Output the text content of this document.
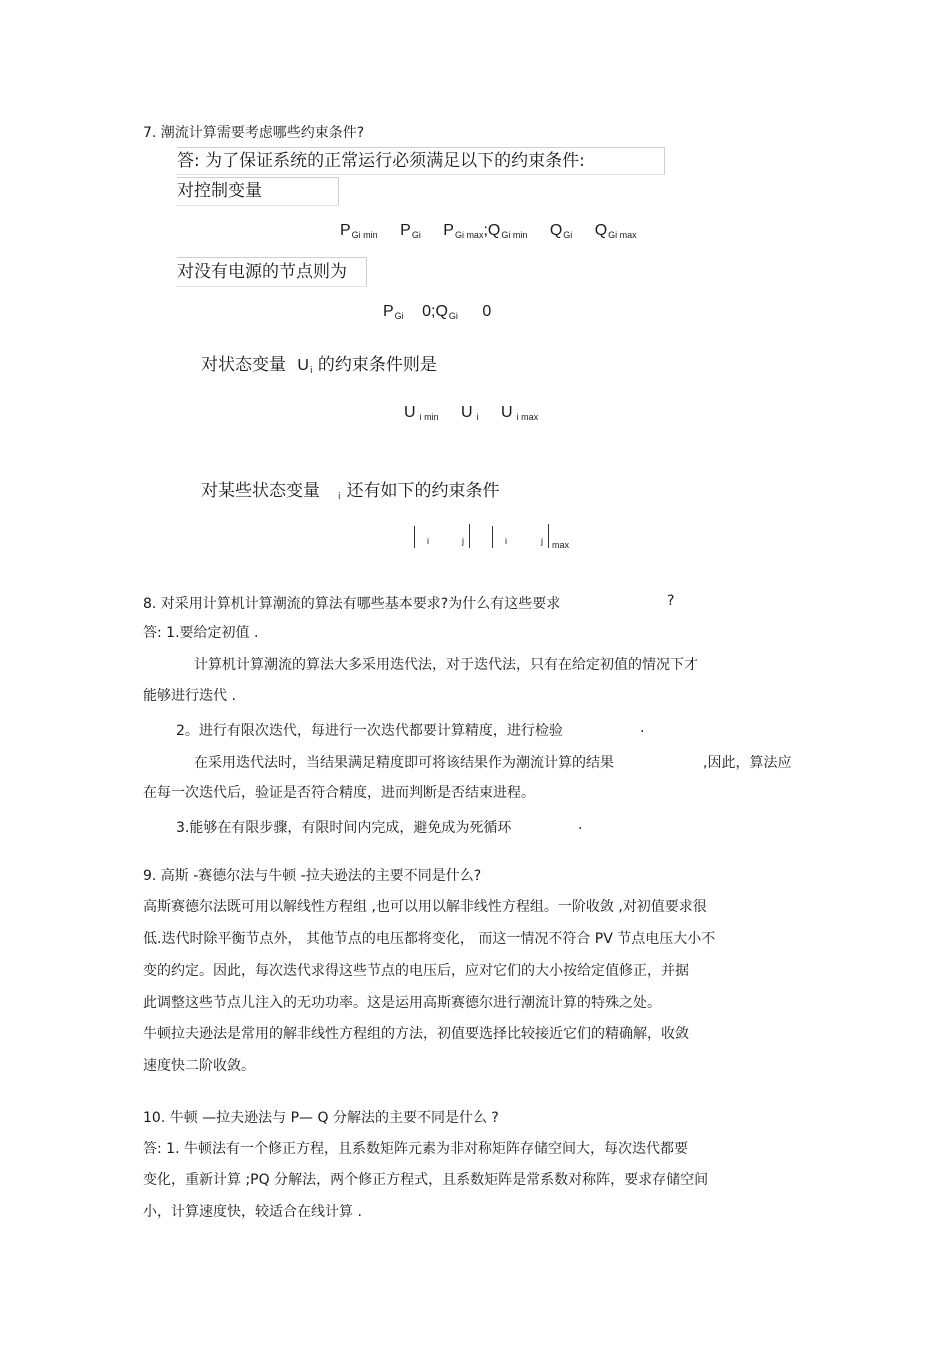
7. 潮流计算需要考虑哪些约束条件?
答: 为了保证系统的正常运行必须满足以下的约束条件:
对控制变量
$P_{Gi min}$ $P_{Gi}$ $P_{Gi max};Q_{Gi min}$ $Q_{Gi}$ $Q_{Gi max}$
对没有电源的节点则为
$P_{Gi}$ $0;Q_{Gi}$ 0
对状态变量 $U_i$ 的约束条件则是
U $_{i min}$ U $_i$ U $_{i max}$
对某些状态变量 $_i$ 还有如下的约束条件
i	j	i	j max
8. 对采用计算机计算潮流的算法有哪些基本要求?为什么有这些要求	?
答: 1.要给定初值 .
计算机计算潮流的算法大多采用迭代法，对于迭代法，只有在给定初值的情况下才
能够进行迭代 .
2。进行有限次迭代，每进行一次迭代都要计算精度，进行检验	.
在采用迭代法时，当结果满足精度即可将该结果作为潮流计算的结果	,因此，算法应
在每一次迭代后，验证是否符合精度，进而判断是否结束进程。
3.能够在有限步骤，有限时间内完成，避免成为死循环	.
9. 高斯 -赛德尔法与牛顿 -拉夫逊法的主要不同是什么?
高斯赛德尔法既可用以解线性方程组 ,也可以用以解非线性方程组。一阶收敛 ,对初值要求很
低.迭代时除平衡节点外， 其他节点的电压都将变化， 而这一情况不符合 PV 节点电压大小不
变的约定。因此，每次迭代求得这些节点的电压后，应对它们的大小按给定值修正，并据
此调整这些节点儿注入的无功功率。这是运用高斯赛德尔进行潮流计算的特殊之处。
牛顿拉夫逊法是常用的解非线性方程组的方法，初值要选择比较接近它们的精确解，收敛
速度快二阶收敛。
10. 牛顿 —拉夫逊法与 P— Q 分解法的主要不同是什么 ?
答: 1. 牛顿法有一个修正方程，且系数矩阵元素为非对称矩阵存储空间大，每次迭代都要
变化，重新计算 ;PQ 分解法，两个修正方程式，且系数矩阵是常系数对称阵，要求存储空间
小，计算速度快，较适合在线计算 .
